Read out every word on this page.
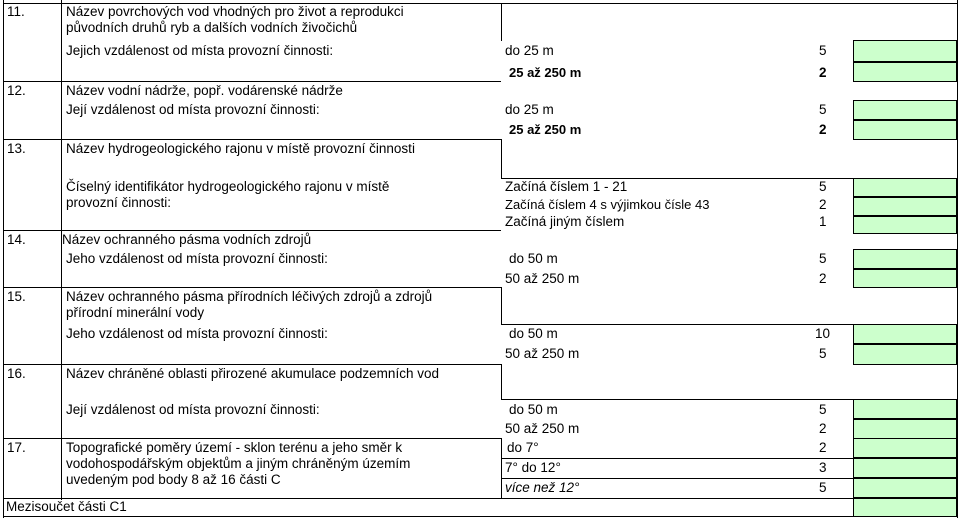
11.	Název povrchových vod vhodných pro život a reprodukci
původních druhů ryb a dalších vodních živočichů
Jejich vzdálenost od místa provozní činnosti:	do 25 m	5
25 až 250 m	2
12.	Název vodní nádrže, popř. vodárenské nádrže
Její vzdálenost od místa provozní činnosti:	do 25 m	5
25 až 250 m	2
13.	Název hydrogeologického rajonu v místě provozní činnosti
Číselný identifikátor hydrogeologického rajonu v místě
provozní činnosti:
Začíná číslem 1 - 21	5
Začíná číslem 4 s výjimkou čísle 43	2
Začíná jiným číslem	1
14.	Název ochranného pásma vodních zdrojů
Jeho vzdálenost od místa provozní činnosti:	do 50 m	5
50 až 250 m	2
15.	Název ochranného pásma přírodních léčivých zdrojů a zdrojů
přírodní minerální vody
Jeho vzdálenost od místa provozní činnosti:	do 50 m	10
50 až 250 m	5
16.	Název chráněné oblasti přirozené akumulace podzemních vod
Její vzdálenost od místa provozní činnosti:	do 50 m	5
50 až 250 m	2
17.	Topografické poměry území - sklon terénu a jeho směr k
vodohospodářským objektům a jiným chráněným územím
uvedeným pod body 8 až 16 části C
do 7°	2
7° do 12°	3
více než 12°	5
Mezisoučet části C1
